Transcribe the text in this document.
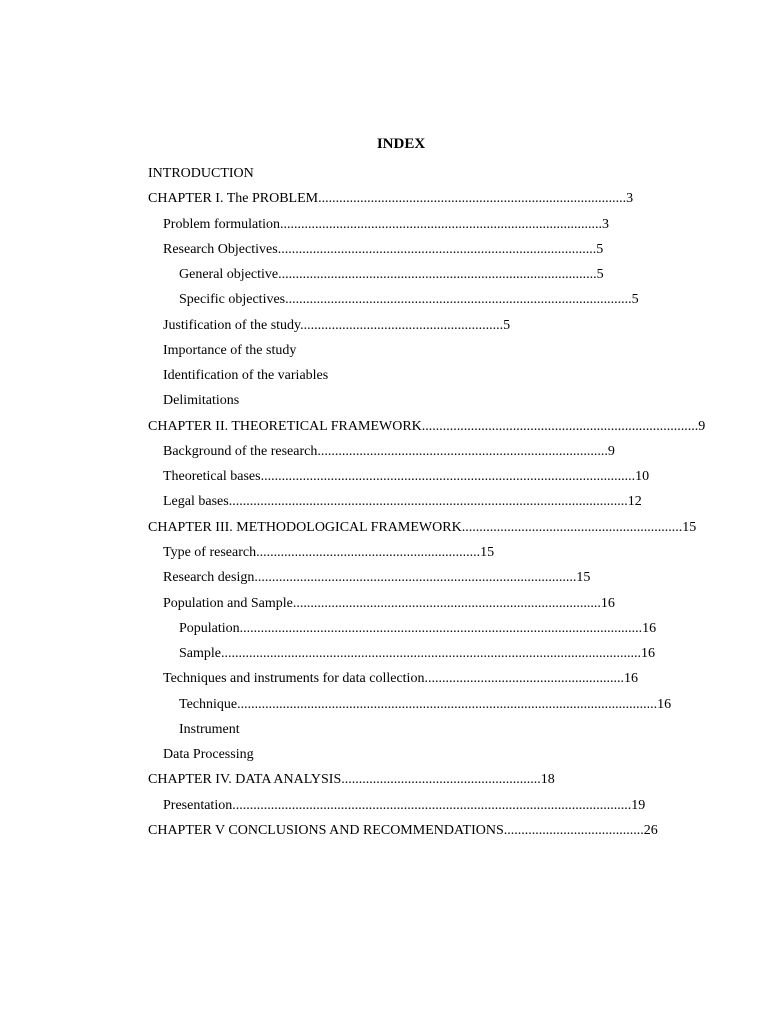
INDEX
INTRODUCTION
CHAPTER I. The PROBLEM........................................................................................3
Problem formulation............................................................................................3
Research Objectives...........................................................................................5
General objective...........................................................................................5
Specific objectives...................................................................................................5
Justification of the study..........................................................5
Importance of the study
Identification of the variables
Delimitations
CHAPTER II. THEORETICAL FRAMEWORK...............................................................................9
Background of the research...................................................................................9
Theoretical bases...........................................................................................................10
Legal bases..................................................................................................................12
CHAPTER III. METHODOLOGICAL FRAMEWORK...............................................................15
Type of research................................................................15
Research design............................................................................................15
Population and Sample........................................................................................16
Population...................................................................................................................16
Sample........................................................................................................................16
Techniques and instruments for data collection.........................................................16
Technique........................................................................................................................16
Instrument
Data Processing
CHAPTER IV. DATA ANALYSIS.........................................................18
Presentation..................................................................................................................19
CHAPTER V CONCLUSIONS AND RECOMMENDATIONS........................................26
